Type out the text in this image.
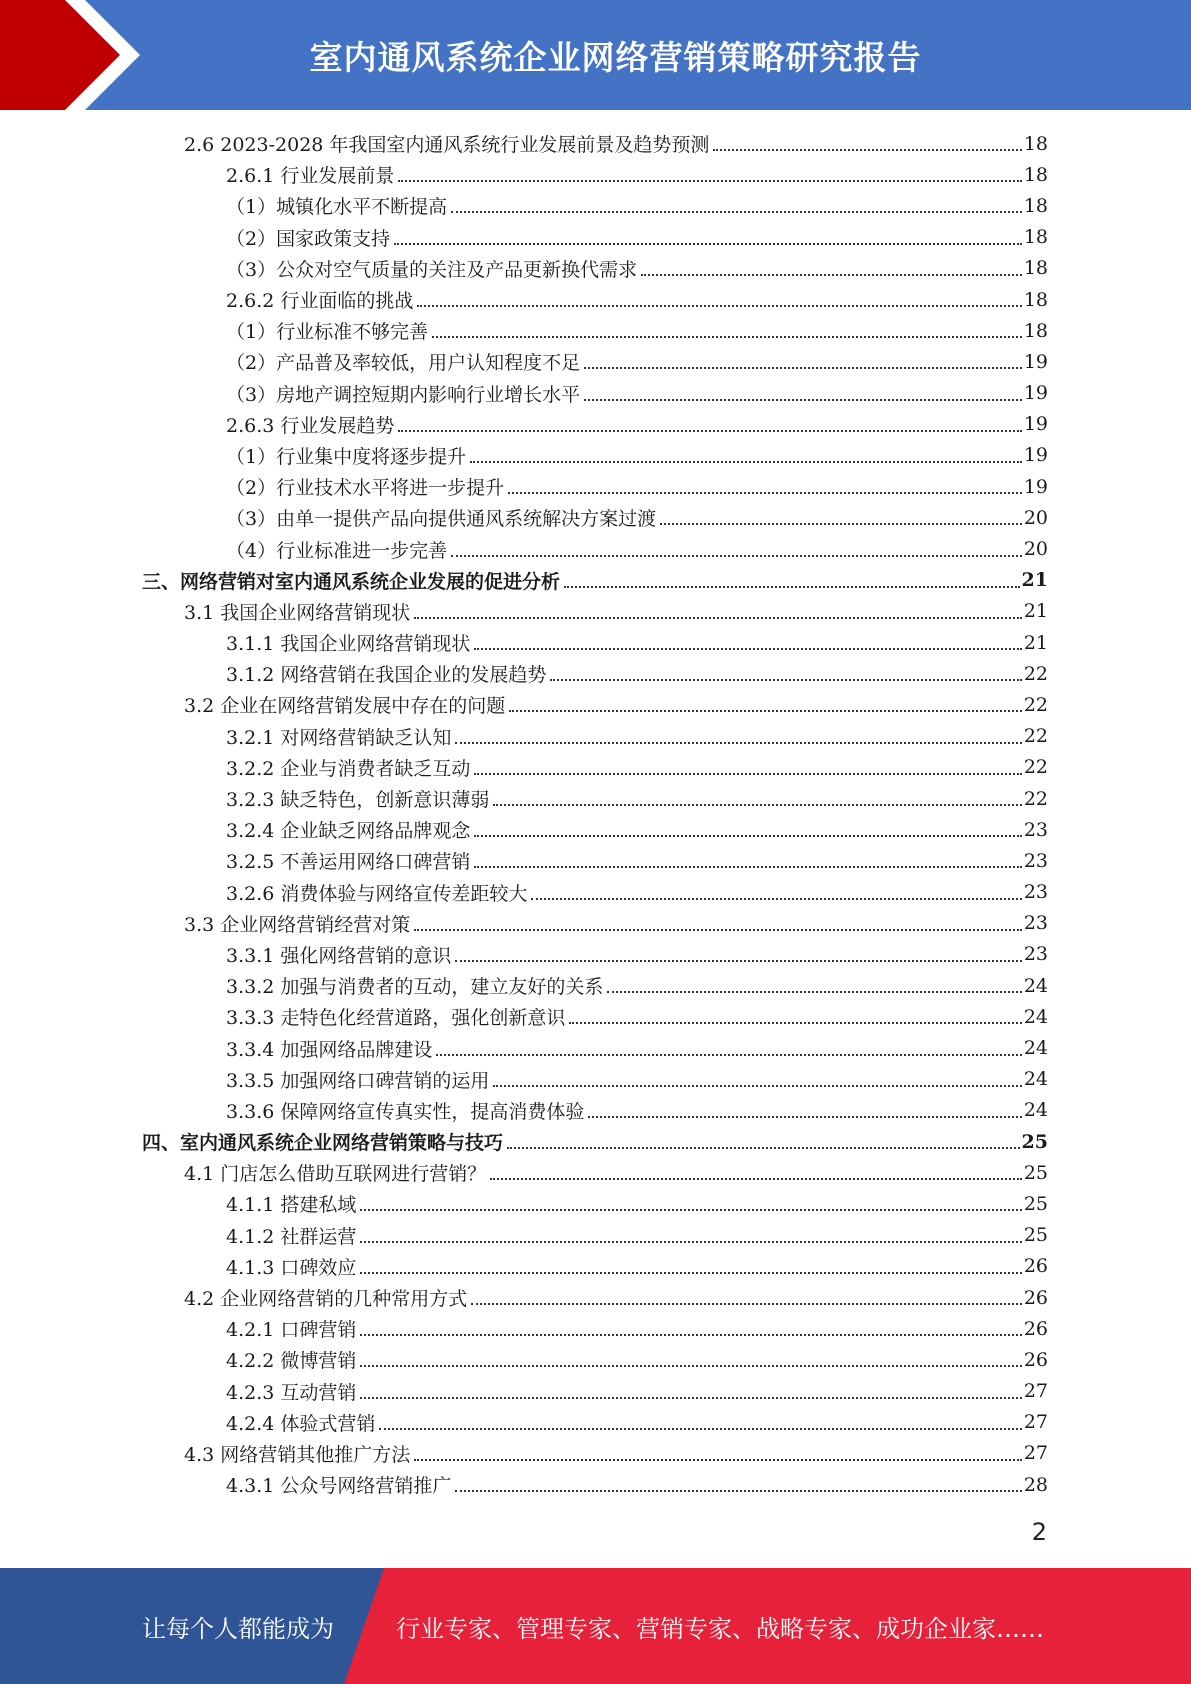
室内通风系统企业网络营销策略研究报告
2.6 2023-2028 年我国室内通风系统行业发展前景及趋势预测	18
2.6.1 行业发展前景	18
（1）城镇化水平不断提高	18
（2）国家政策支持	18
（3）公众对空气质量的关注及产品更新换代需求	18
2.6.2 行业面临的挑战	18
（1）行业标准不够完善	18
（2）产品普及率较低，用户认知程度不足	19
（3）房地产调控短期内影响行业增长水平	19
2.6.3 行业发展趋势	19
（1）行业集中度将逐步提升	19
（2）行业技术水平将进一步提升	19
（3）由单一提供产品向提供通风系统解决方案过渡	20
（4）行业标准进一步完善	20
三、网络营销对室内通风系统企业发展的促进分析	21
3.1 我国企业网络营销现状	21
3.1.1 我国企业网络营销现状	21
3.1.2 网络营销在我国企业的发展趋势	22
3.2 企业在网络营销发展中存在的问题	22
3.2.1 对网络营销缺乏认知	22
3.2.2 企业与消费者缺乏互动	22
3.2.3 缺乏特色，创新意识薄弱	22
3.2.4 企业缺乏网络品牌观念	23
3.2.5 不善运用网络口碑营销	23
3.2.6 消费体验与网络宣传差距较大	23
3.3 企业网络营销经营对策	23
3.3.1 强化网络营销的意识	23
3.3.2 加强与消费者的互动，建立友好的关系	24
3.3.3 走特色化经营道路，强化创新意识	24
3.3.4 加强网络品牌建设	24
3.3.5 加强网络口碑营销的运用	24
3.3.6 保障网络宣传真实性，提高消费体验	24
四、室内通风系统企业网络营销策略与技巧	25
4.1 门店怎么借助互联网进行营销？	25
4.1.1 搭建私域	25
4.1.2 社群运营	25
4.1.3 口碑效应	26
4.2 企业网络营销的几种常用方式	26
4.2.1 口碑营销	26
4.2.2 微博营销	26
4.2.3 互动营销	27
4.2.4 体验式营销	27
4.3 网络营销其他推广方法	27
4.3.1 公众号网络营销推广	28
2
让每个人都能成为	行业专家、管理专家、营销专家、战略专家、成功企业家……
